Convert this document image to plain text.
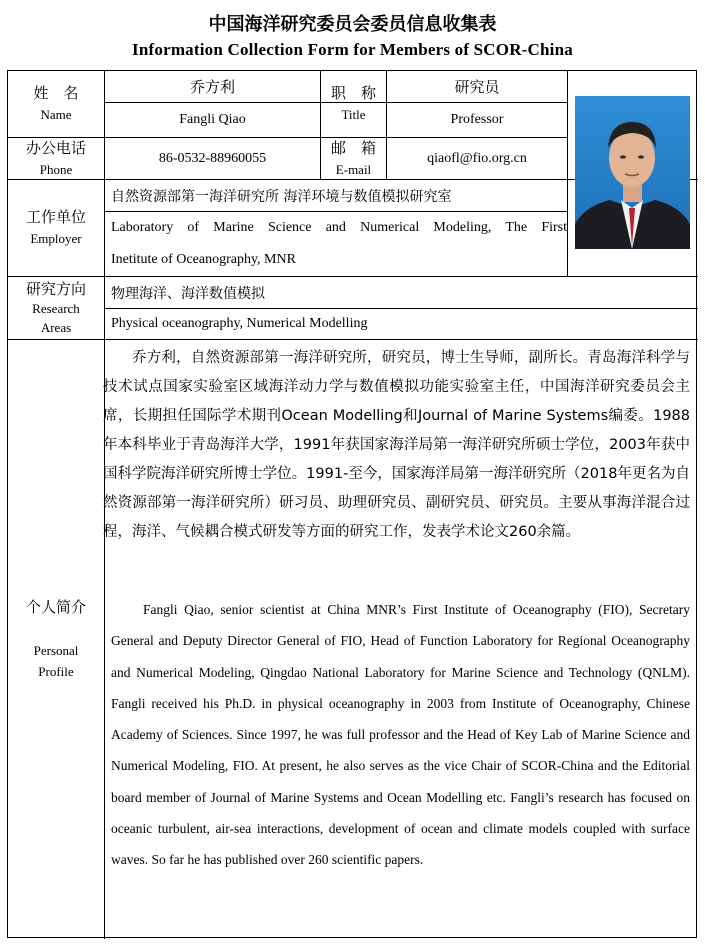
中国海洋研究委员会委员信息收集表
Information Collection Form for Members of SCOR-China
姓　名
Name
乔方利
Fangli Qiao
职　称
Title
研究员
Professor
办公电话
Phone
86-0532-88960055
邮　箱
E-mail
qiaofl@fio.org.cn
工作单位
Employer
自然资源部第一海洋研究所 海洋环境与数值模拟研究室
Laboratory of Marine Science and Numerical Modeling, The First
Inetitute of Oceanography, MNR
研究方向
Research
Areas
物理海洋、海洋数值模拟
Physical oceanography, Numerical Modelling
个人简介
Personal
Profile
乔方利，自然资源部第一海洋研究所，研究员，博士生导师，副所长。青岛海洋科学与技术试点国家实验室区域海洋动力学与数值模拟功能实验室主任，中国海洋研究委员会主席，长期担任国际学术期刊Ocean Modelling和Journal of Marine Systems编委。1988年本科毕业于青岛海洋大学，1991年获国家海洋局第一海洋研究所硕士学位，2003年获中国科学院海洋研究所博士学位。1991-至今，国家海洋局第一海洋研究所（2018年更名为自然资源部第一海洋研究所）研习员、助理研究员、副研究员、研究员。主要从事海洋混合过程，海洋、气候耦合模式研发等方面的研究工作，发表学术论文260余篇。
Fangli Qiao, senior scientist at China MNR’s First Institute of Oceanography (FIO), Secretary General and Deputy Director General of FIO, Head of Function Laboratory for Regional Oceanography and Numerical Modeling, Qingdao National Laboratory for Marine Science and Technology (QNLM). Fangli received his Ph.D. in physical oceanography in 2003 from Institute of Oceanography, Chinese Academy of Sciences. Since 1997, he was full professor and the Head of Key Lab of Marine Science and Numerical Modeling, FIO. At present, he also serves as the vice Chair of SCOR-China and the Editorial board member of Journal of Marine Systems and Ocean Modelling etc. Fangli’s research has focused on oceanic turbulent, air-sea interactions, development of ocean and climate models coupled with surface waves. So far he has published over 260 scientific papers.
